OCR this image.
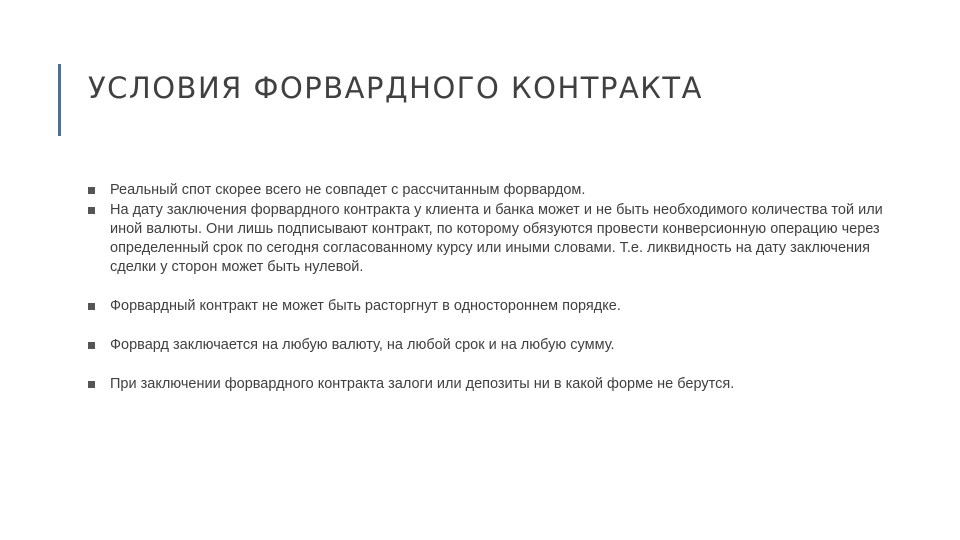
УСЛОВИЯ ФОРВАРДНОГО КОНТРАКТА
Реальный спот скорее всего не совпадет с рассчитанным форвардом.
На дату заключения форвардного контракта у клиента и банка может и не быть необходимого количества той или иной валюты. Они лишь подписывают контракт, по которому обязуются провести конверсионную операцию через определенный срок по сегодня согласованному курсу или иными словами. Т.е. ликвидность на дату заключения сделки у сторон может быть нулевой.
Форвардный контракт не может быть расторгнут в одностороннем порядке.
Форвард заключается на любую валюту, на любой срок и на любую сумму.
При заключении форвардного контракта залоги или депозиты ни в какой форме не берутся.
